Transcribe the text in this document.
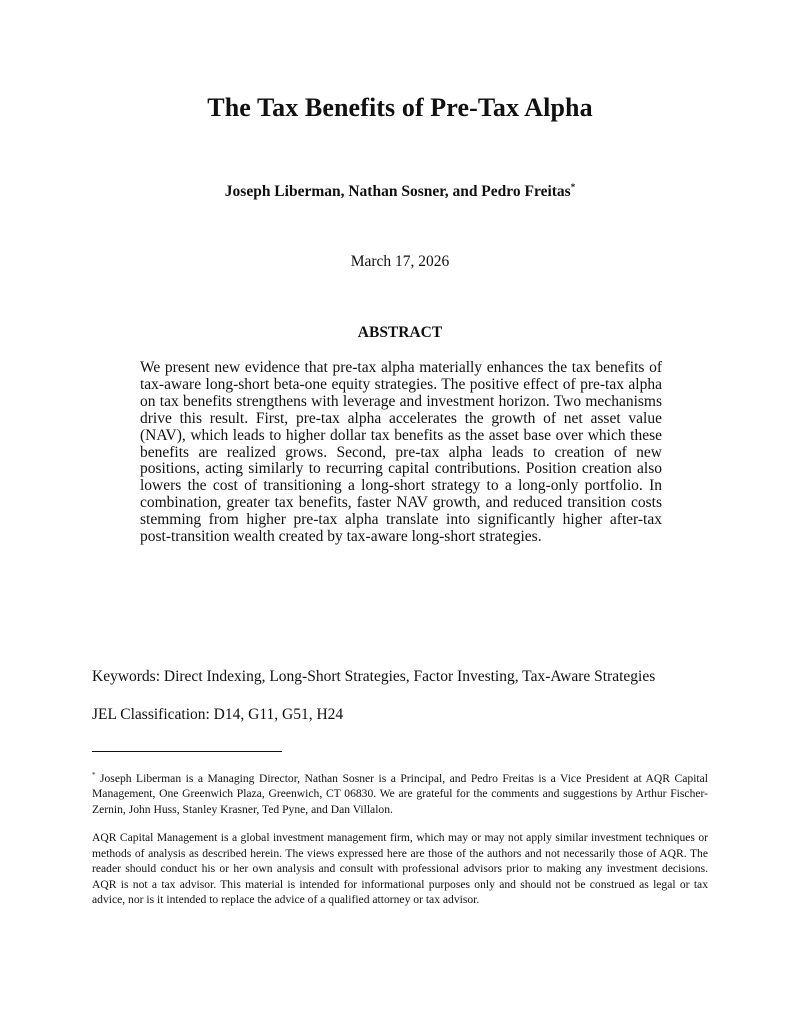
The Tax Benefits of Pre-Tax Alpha
Joseph Liberman, Nathan Sosner, and Pedro Freitas*
March 17, 2026
ABSTRACT

We present new evidence that pre-tax alpha materially enhances the tax benefits of tax-aware long-short beta-one equity strategies. The positive effect of pre-tax alpha on tax benefits strengthens with leverage and investment horizon. Two mechanisms drive this result. First, pre-tax alpha accelerates the growth of net asset value (NAV), which leads to higher dollar tax benefits as the asset base over which these benefits are realized grows. Second, pre-tax alpha leads to creation of new positions, acting similarly to recurring capital contributions. Position creation also lowers the cost of transitioning a long-short strategy to a long-only portfolio. In combination, greater tax benefits, faster NAV growth, and reduced transition costs stemming from higher pre-tax alpha translate into significantly higher after-tax post-transition wealth created by tax-aware long-short strategies.

Keywords: Direct Indexing, Long-Short Strategies, Factor Investing, Tax-Aware Strategies

JEL Classification: D14, G11, G51, H24

* Joseph Liberman is a Managing Director, Nathan Sosner is a Principal, and Pedro Freitas is a Vice President at AQR Capital Management, One Greenwich Plaza, Greenwich, CT 06830. We are grateful for the comments and suggestions by Arthur Fischer-Zernin, John Huss, Stanley Krasner, Ted Pyne, and Dan Villalon.

AQR Capital Management is a global investment management firm, which may or may not apply similar investment techniques or methods of analysis as described herein. The views expressed here are those of the authors and not necessarily those of AQR. The reader should conduct his or her own analysis and consult with professional advisors prior to making any investment decisions. AQR is not a tax advisor. This material is intended for informational purposes only and should not be construed as legal or tax advice, nor is it intended to replace the advice of a qualified attorney or tax advisor.
